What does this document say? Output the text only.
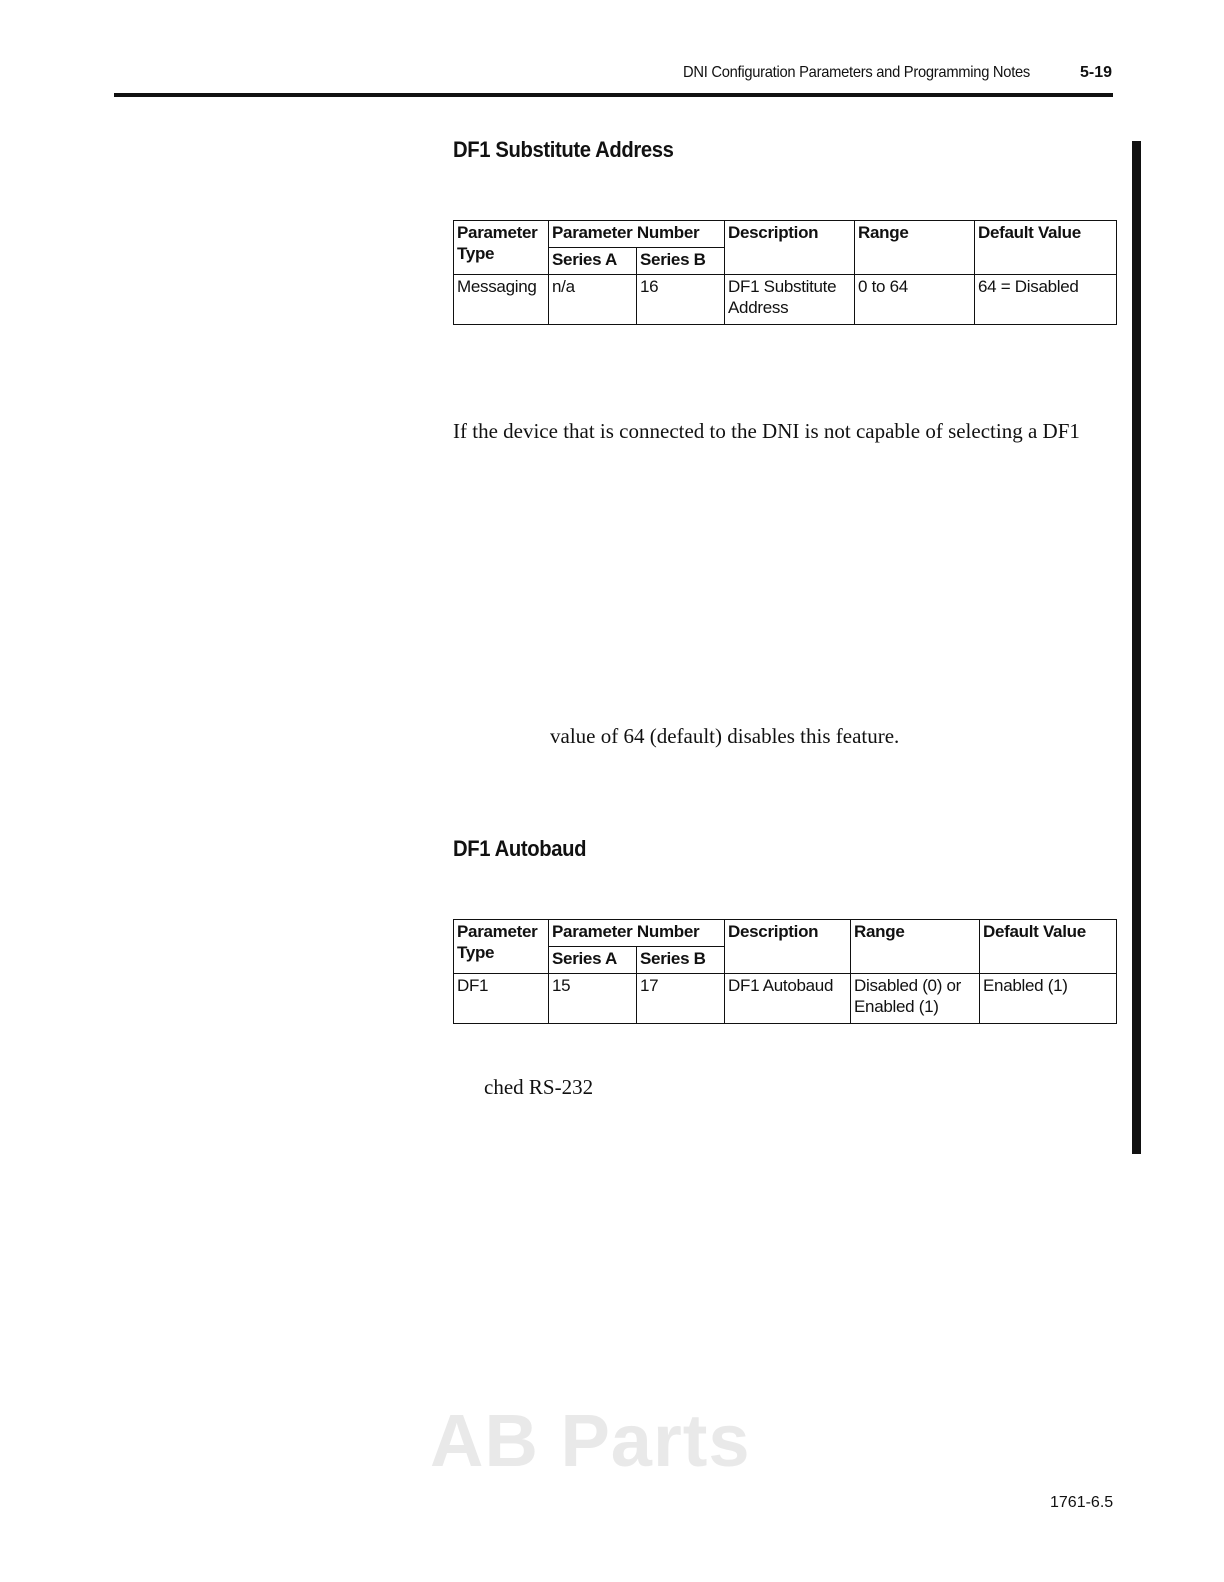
DNI Configuration Parameters and Programming Notes	5-19
DF1 Substitute Address
Parameter Type	Parameter Number		Description	Range	Default Value
	Series A	Series B			
Messaging	n/a	16	DF1 Substitute Address	0 to 64	64 = Disabled
If the device that is connected to the DNI is not capable of selecting a DF1
value of 64 (default) disables this feature.
DF1 Autobaud
Parameter Type	Parameter Number		Description	Range	Default Value
	Series A	Series B			
DF1	15	17	DF1 Autobaud	Disabled (0) or Enabled (1)	Enabled (1)
ched RS-232
AB Parts
1761-6.5
